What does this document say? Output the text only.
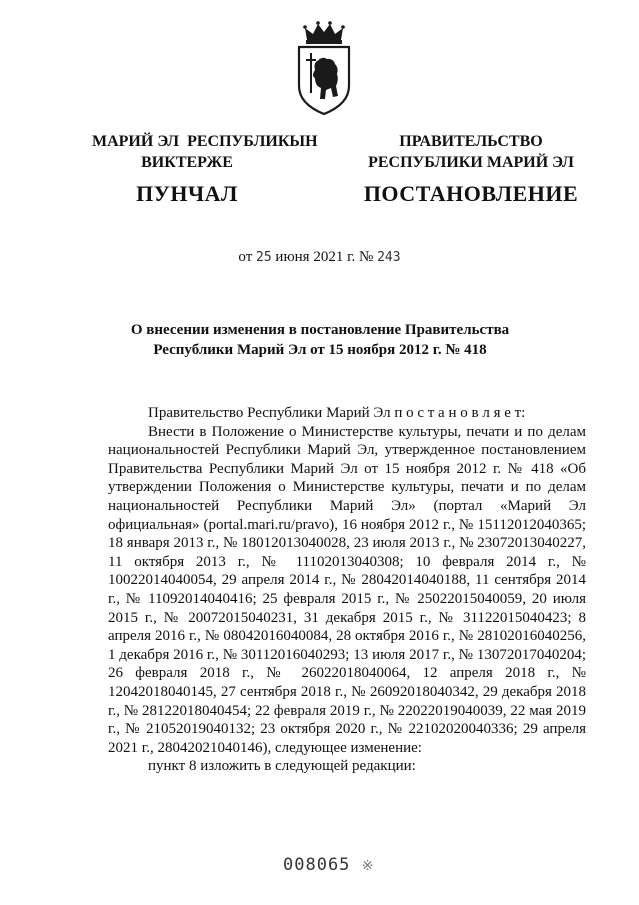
МАРИЙ ЭЛ  РЕСПУБЛИКЫН
ВИКТЕРЖЕ
ПУНЧАЛ
ПРАВИТЕЛЬСТВО
РЕСПУБЛИКИ МАРИЙ ЭЛ
ПОСТАНОВЛЕНИЕ
от 25 июня 2021 г. № 243
О внесении изменения в постановление Правительства
Республики Марий Эл от 15 ноября 2012 г. № 418

Правительство Республики Марий Эл п о с т а н о в л я е т:

Внести в Положение о Министерстве культуры, печати и по делам национальностей Республики Марий Эл, утвержденное постановлением Правительства Республики Марий Эл от 15 ноября 2012 г. № 418 «Об утверждении Положения о Министерстве культуры, печати и по делам национальностей Республики Марий Эл» (портал «Марий Эл официальная» (portal.mari.ru/pravo), 16 ноября 2012 г., № 15112012040365; 18 января 2013 г., № 18012013040028, 23 июля 2013 г., № 23072013040227, 11 октября 2013 г., № 11102013040308; 10 февраля 2014 г., № 10022014040054, 29 апреля 2014 г., № 28042014040188, 11 сентября 2014 г., № 11092014040416; 25 февраля 2015 г., № 25022015040059, 20 июля 2015 г., № 20072015040231, 31 декабря 2015 г., № 31122015040423; 8 апреля 2016 г., № 08042016040084, 28 октября 2016 г., № 28102016040256, 1 декабря 2016 г., № 30112016040293; 13 июля 2017 г., № 13072017040204; 26 февраля 2018 г., № 26022018040064, 12 апреля 2018 г., № 12042018040145, 27 сентября 2018 г., № 26092018040342, 29 декабря 2018 г., № 28122018040454; 22 февраля 2019 г., № 22022019040039, 22 мая 2019 г., № 21052019040132; 23 октября 2020 г., № 22102020040336; 29 апреля 2021 г., 28042021040146), следующее изменение:

пункт 8 изложить в следующей редакции:

008065 ※
